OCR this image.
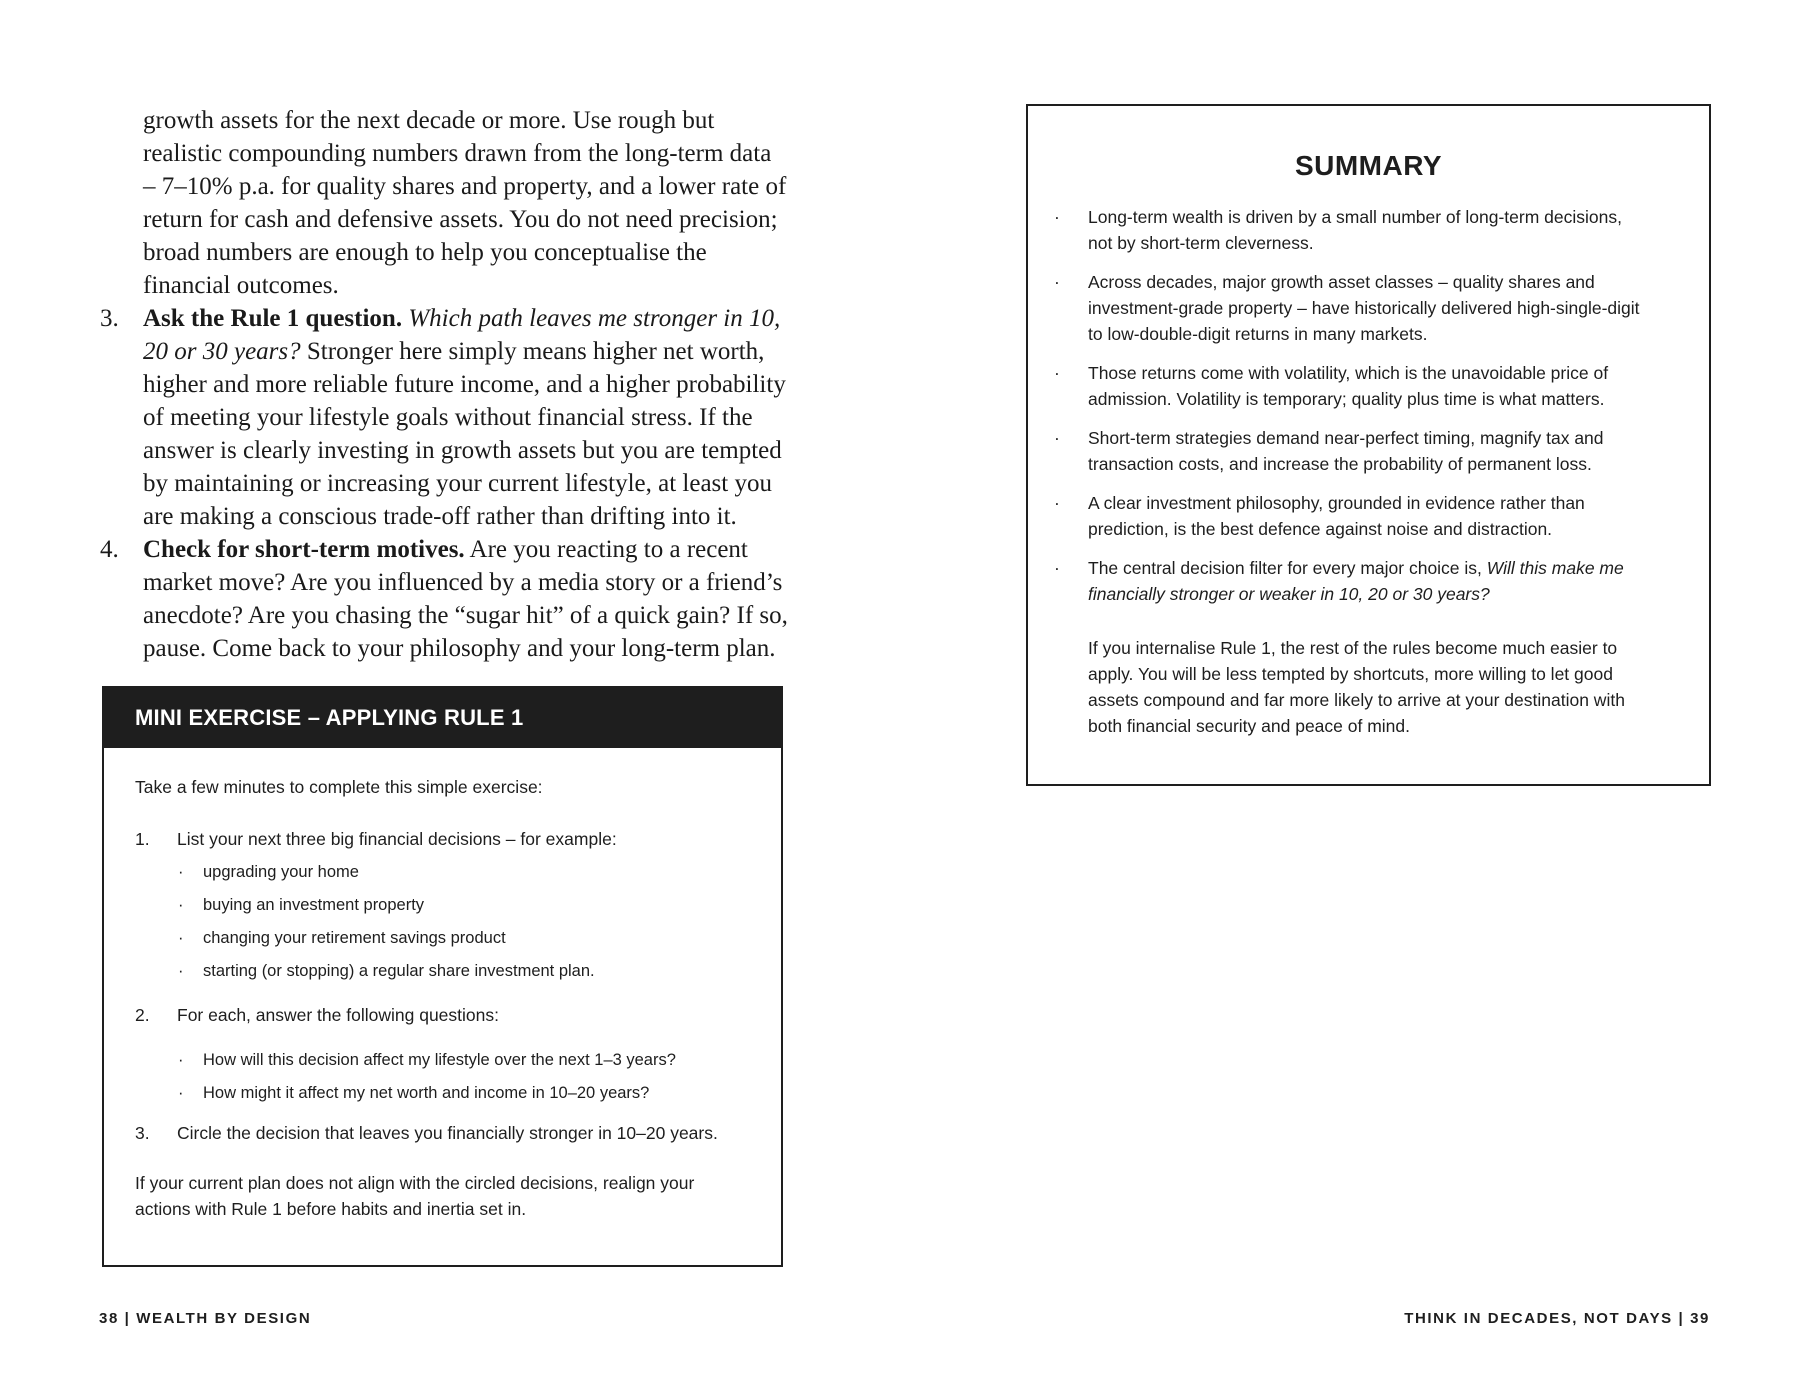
growth assets for the next decade or more. Use rough but realistic compounding numbers drawn from the long-term data – 7–10% p.a. for quality shares and property, and a lower rate of return for cash and defensive assets. You do not need precision; broad numbers are enough to help you conceptualise the financial outcomes.

3. Ask the Rule 1 question. Which path leaves me stronger in 10, 20 or 30 years? Stronger here simply means higher net worth, higher and more reliable future income, and a higher probability of meeting your lifestyle goals without financial stress. If the answer is clearly investing in growth assets but you are tempted by maintaining or increasing your current lifestyle, at least you are making a conscious trade-off rather than drifting into it.
4. Check for short-term motives. Are you reacting to a recent market move? Are you influenced by a media story or a friend’s anecdote? Are you chasing the “sugar hit” of a quick gain? If so, pause. Come back to your philosophy and your long-term plan.
MINI EXERCISE – APPLYING RULE 1

Take a few minutes to complete this simple exercise:

1.	List your next three big financial decisions – for example:
·	upgrading your home
·	buying an investment property
·	changing your retirement savings product
·	starting (or stopping) a regular share investment plan.
2.	For each, answer the following questions:
·	How will this decision affect my lifestyle over the next 1–3 years?
·	How might it affect my net worth and income in 10–20 years?
3.	Circle the decision that leaves you financially stronger in 10–20 years.

If your current plan does not align with the circled decisions, realign your actions with Rule 1 before habits and inertia set in.

38 | WEALTH BY DESIGN
SUMMARY
·	Long-term wealth is driven by a small number of long-term decisions, not by short-term cleverness.
·	Across decades, major growth asset classes – quality shares and investment-grade property – have historically delivered high-single-digit to low-double-digit returns in many markets.
·	Those returns come with volatility, which is the unavoidable price of admission. Volatility is temporary; quality plus time is what matters.
·	Short-term strategies demand near-perfect timing, magnify tax and transaction costs, and increase the probability of permanent loss.
·	A clear investment philosophy, grounded in evidence rather than prediction, is the best defence against noise and distraction.
·	The central decision filter for every major choice is, Will this make me financially stronger or weaker in 10, 20 or 30 years?

If you internalise Rule 1, the rest of the rules become much easier to apply. You will be less tempted by shortcuts, more willing to let good assets compound and far more likely to arrive at your destination with both financial security and peace of mind.

THINK IN DECADES, NOT DAYS | 39
